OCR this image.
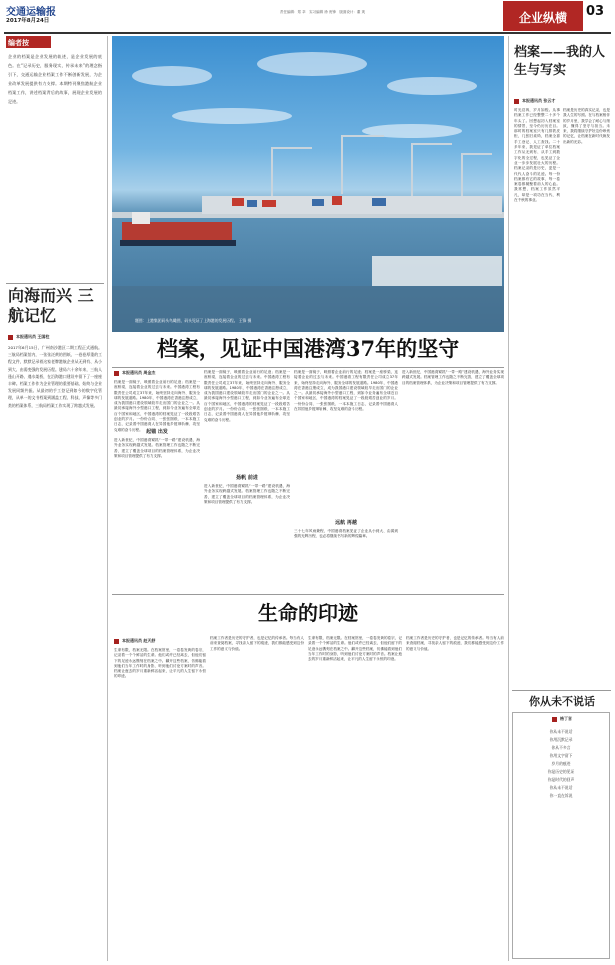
交通运输报
2017年8月24日
责任编辑：郑 莘　实习编辑 徐 贵锋　版面设计：董 爽	企业纵横	03
编者按
企业的档案是企业发展的轨迹，是企业发展的底色。在“记录历史，服务现实，传承未来”的理念指引下，交通运输企业档案工作不断创新发展，为企业改革发展提供有力支撑。本期特刊聚焦港航企业档案工作，讲述档案背后的故事，展现企业发展的足迹。
向海而兴 三航记忆
本报通讯员 王国柱
2017年6月15日，广州南沙港区二期工程正式通航。三航局档案馆内，一张张泛黄的图纸、一卷卷厚重的工程文件，默默记录着这家老牌港航企业从无到有、从小到大、由弱变强的发展历程。建局六十余年来，三航人逢山开路、遇水架桥，在沿海港口建设中留下了一座座丰碑。档案工作作为企业管理的重要基础，始终与企业发展同频共振。从最初的手工登记到如今的数字化管理，从单一的文书档案到涵盖工程、科技、声像等多门类的档案体系，三航局档案工作实现了跨越式发展。
题图：上港集团码头鸟瞰图，码头见证了上海港的发展历程。 王锋 摄
档案，见证中国港湾37年的坚守
本报通讯员 周金杰
档案是一面镜子，映照着企业前行的足迹；档案是一座桥梁，连接着企业的过去与未来。中国港湾工程有限责任公司成立37年来，始终坚持走向海外、服务全球的发展道路。1980年，中国港湾在香港注册成立，成为我国港口建设领域较早走出国门的企业之一。从最初承接海外小型港口工程，到如今业务遍布全球近百个国家和地区，中国港湾的档案见证了一段段艰苦创业的岁月。一份份合同、一张张图纸、一本本施工日志，记录着中国港湾人在异国他乡披荆斩棘、攻坚克难的奋斗历程。 起锚 出发
进入新世纪，中国港湾紧抓“一带一路”建设机遇，海外业务实现跨越式发展。档案管理工作也随之不断完善，建立了覆盖全球项目的档案管理体系，为企业决策和项目管理提供了有力支撑。
档案是一面镜子，映照着企业前行的足迹；档案是一座桥梁，连接着企业的过去与未来。中国港湾工程有限责任公司成立37年来，始终坚持走向海外、服务全球的发展道路。1980年，中国港湾在香港注册成立，成为我国港口建设领域较早走出国门的企业之一。从最初承接海外小型港口工程，到如今业务遍布全球近百个国家和地区，中国港湾的档案见证了一段段艰苦创业的岁月。一份份合同、一张张图纸、一本本施工日志，记录着中国港湾人在异国他乡披荆斩棘、攻坚克难的奋斗历程。
扬帆 前进
进入新世纪，中国港湾紧抓“一带一路”建设机遇，海外业务实现跨越式发展。档案管理工作也随之不断完善，建立了覆盖全球项目的档案管理体系，为企业决策和项目管理提供了有力支撑。
档案是一面镜子，映照着企业前行的足迹；档案是一座桥梁，连接着企业的过去与未来。中国港湾工程有限责任公司成立37年来，始终坚持走向海外、服务全球的发展道路。1980年，中国港湾在香港注册成立，成为我国港口建设领域较早走出国门的企业之一。从最初承接海外小型港口工程，到如今业务遍布全球近百个国家和地区，中国港湾的档案见证了一段段艰苦创业的岁月。一份份合同、一张张图纸、一本本施工日志，记录着中国港湾人在异国他乡披荆斩棘、攻坚克难的奋斗历程。
远航 再越
三十七年风雨兼程，中国港湾档案见证了企业从小到大、由弱到强的光辉历程，也必将继续书写新的辉煌篇章。
进入新世纪，中国港湾紧抓“一带一路”建设机遇，海外业务实现跨越式发展。档案管理工作也随之不断完善，建立了覆盖全球项目的档案管理体系，为企业决策和项目管理提供了有力支撑。
生命的印迹
本报通讯员 赵天舒
生命有限，档案无限。在档案馆里，一卷卷发黄的卷宗，记录着一个个鲜活的生命。他们或许已经离去，但他们留下的足迹永远镌刻在档案之中。翻开这些档案，仿佛能看到他们当年工作时的身影，听到他们讨论方案时的声音。档案让逝去的岁月重新鲜活起来，让平凡的人生留下永恒的印迹。
档案工作者是历史的守护者，也是记忆的传承者。每当有人前来查阅档案，寻找亲人留下的痕迹，我们都能感受到这份工作的意义与价值。
生命有限，档案无限。在档案馆里，一卷卷发黄的卷宗，记录着一个个鲜活的生命。他们或许已经离去，但他们留下的足迹永远镌刻在档案之中。翻开这些档案，仿佛能看到他们当年工作时的身影，听到他们讨论方案时的声音。档案让逝去的岁月重新鲜活起来，让平凡的人生留下永恒的印迹。
档案工作者是历史的守护者，也是记忆的传承者。每当有人前来查阅档案，寻找亲人留下的痕迹，我们都能感受到这份工作的意义与价值。
档案——我的人生与写实
本报通讯员 张云才
时光荏苒，岁月如梭。从事档案工作已经整整二十多个年头了。回想起初入档案室的情景，至今仍历历在目。那时的档案室只有几排铁皮柜，几张旧桌椅，档案全靠手工登记、人工查找。二十多年来，我见证了单位档案工作从无到有、从手工到数字化的全过程，也见证了企业一步步发展壮大的历程。档案记录的是历史，更是一代代人奋斗的足迹。每一份档案都有它的故事，每一卷案卷都凝聚着前人的心血。我常想，档案工作虽然平凡，却是一项功在当代、利在千秋的事业。
档案是历史的真实记录，也是我人生的写照。在与档案相伴的岁月里，我学会了耐心与细致，懂得了坚守与担当。未来，我将继续守护好这份珍贵的记忆，让档案在新时代焕发出新的光彩。
你从未不说话
格丁言
你从未不说话
你用沉默记录
你从不多言
你用文字留下
岁月的痕迹
你是历史的见证
你是时代的回声
你从未不说话
你一直在诉说
